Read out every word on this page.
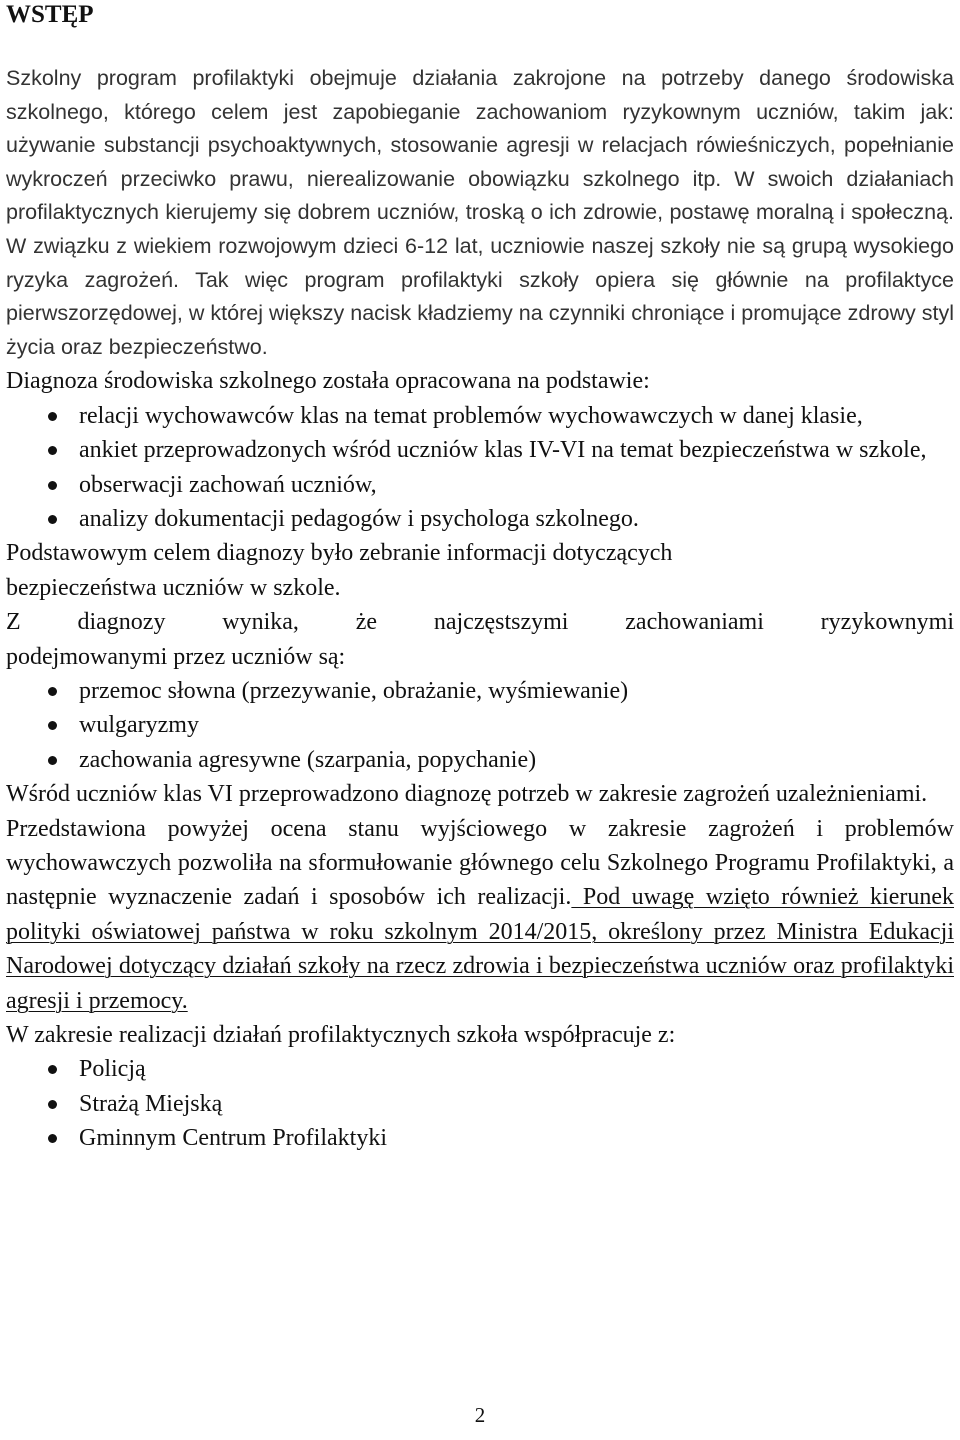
WSTĘP

Szkolny program profilaktyki obejmuje działania zakrojone na potrzeby danego środowiska szkolnego, którego celem jest zapobieganie zachowaniom ryzykownym uczniów, takim jak: używanie substancji psychoaktywnych, stosowanie agresji w relacjach rówieśniczych, popełnianie wykroczeń przeciwko prawu, nierealizowanie obowiązku szkolnego itp. W swoich działaniach profilaktycznych kierujemy się dobrem uczniów, troską o ich zdrowie, postawę moralną i społeczną. W związku z wiekiem rozwojowym dzieci 6-12 lat, uczniowie naszej szkoły nie są grupą wysokiego ryzyka zagrożeń. Tak więc program profilaktyki szkoły opiera się głównie na profilaktyce pierwszorzędowej, w której większy nacisk kładziemy na czynniki chroniące i promujące zdrowy styl życia oraz bezpieczeństwo.

Diagnoza środowiska szkolnego została opracowana na podstawie:

relacji wychowawców klas na temat problemów wychowawczych w danej klasie,
ankiet przeprowadzonych wśród uczniów klas IV-VI na temat bezpieczeństwa w szkole,
obserwacji zachowań uczniów,
analizy dokumentacji pedagogów i psychologa szkolnego.

Podstawowym celem diagnozy było zebranie informacji dotyczących
bezpieczeństwa uczniów w szkole.

Z diagnozy wynika, że najczęstszymi zachowaniami ryzykownymi
podejmowanymi przez uczniów są:

przemoc słowna (przezywanie, obrażanie, wyśmiewanie)
wulgaryzmy
zachowania agresywne (szarpania, popychanie)

Wśród uczniów klas VI przeprowadzono diagnozę potrzeb w zakresie zagrożeń uzależnieniami.

Przedstawiona powyżej ocena stanu wyjściowego w zakresie zagrożeń i problemów wychowawczych pozwoliła na sformułowanie głównego celu Szkolnego Programu Profilaktyki, a następnie wyznaczenie zadań i sposobów ich realizacji. Pod uwagę wzięto również kierunek polityki oświatowej państwa w roku szkolnym 2014/2015, określony przez Ministra Edukacji Narodowej dotyczący działań szkoły na rzecz zdrowia i bezpieczeństwa uczniów oraz profilaktyki agresji i przemocy.

W zakresie realizacji działań profilaktycznych szkoła współpracuje z:

Policją
Strażą Miejską
Gminnym Centrum Profilaktyki
2
